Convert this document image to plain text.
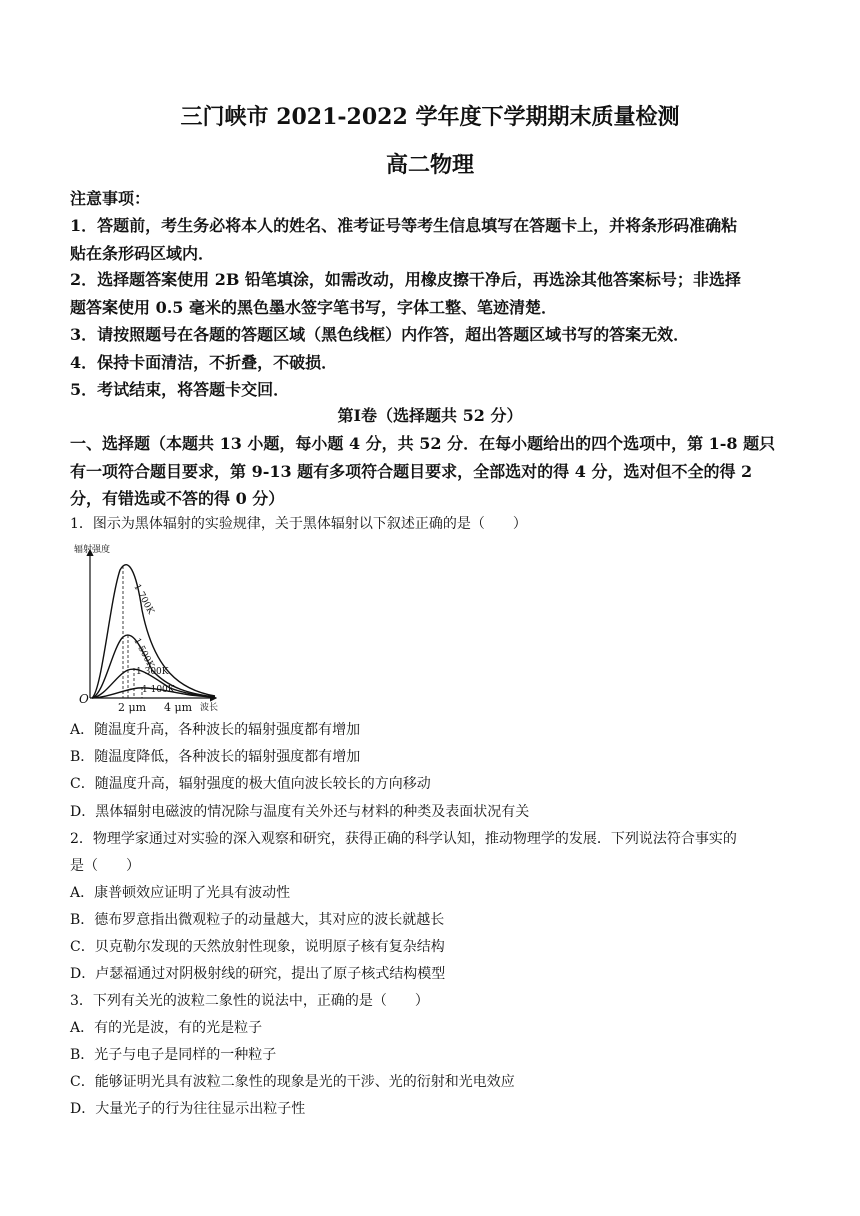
三门峡市 2021-2022 学年度下学期期末质量检测
高二物理
注意事项：
1．答题前，考生务必将本人的姓名、准考证号等考生信息填写在答题卡上，并将条形码准确粘
贴在条形码区域内．
2．选择题答案使用 2B 铅笔填涂，如需改动，用橡皮擦干净后，再选涂其他答案标号；非选择
题答案使用 0.5 毫米的黑色墨水签字笔书写，字体工整、笔迹清楚．
3．请按照题号在各题的答题区域（黑色线框）内作答，超出答题区域书写的答案无效．
4．保持卡面清洁，不折叠，不破损．
5．考试结束，将答题卡交回．
第Ⅰ卷（选择题共 52 分）
一、选择题（本题共 13 小题，每小题 4 分，共 52 分．在每小题给出的四个选项中，第 1-8 题只
有一项符合题目要求，第 9-13 题有多项符合题目要求，全部选对的得 4 分，选对但不全的得 2
分，有错选或不答的得 0 分）
1．图示为黑体辐射的实验规律，关于黑体辐射以下叙述正确的是（　　）
辐射强度
O
波长
2 μm 4 μm
1 700K
1 500K
1 300K
1 100K
A．随温度升高，各种波长的辐射强度都有增加
B．随温度降低，各种波长的辐射强度都有增加
C．随温度升高，辐射强度的极大值向波长较长的方向移动
D．黑体辐射电磁波的情况除与温度有关外还与材料的种类及表面状况有关
2．物理学家通过对实验的深入观察和研究，获得正确的科学认知，推动物理学的发展．下列说法符合事实的
是（　　）
A．康普顿效应证明了光具有波动性
B．德布罗意指出微观粒子的动量越大，其对应的波长就越长
C．贝克勒尔发现的天然放射性现象，说明原子核有复杂结构
D．卢瑟福通过对阴极射线的研究，提出了原子核式结构模型
3．下列有关光的波粒二象性的说法中，正确的是（　　）
A．有的光是波，有的光是粒子
B．光子与电子是同样的一种粒子
C．能够证明光具有波粒二象性的现象是光的干涉、光的衍射和光电效应
D．大量光子的行为往往显示出粒子性
